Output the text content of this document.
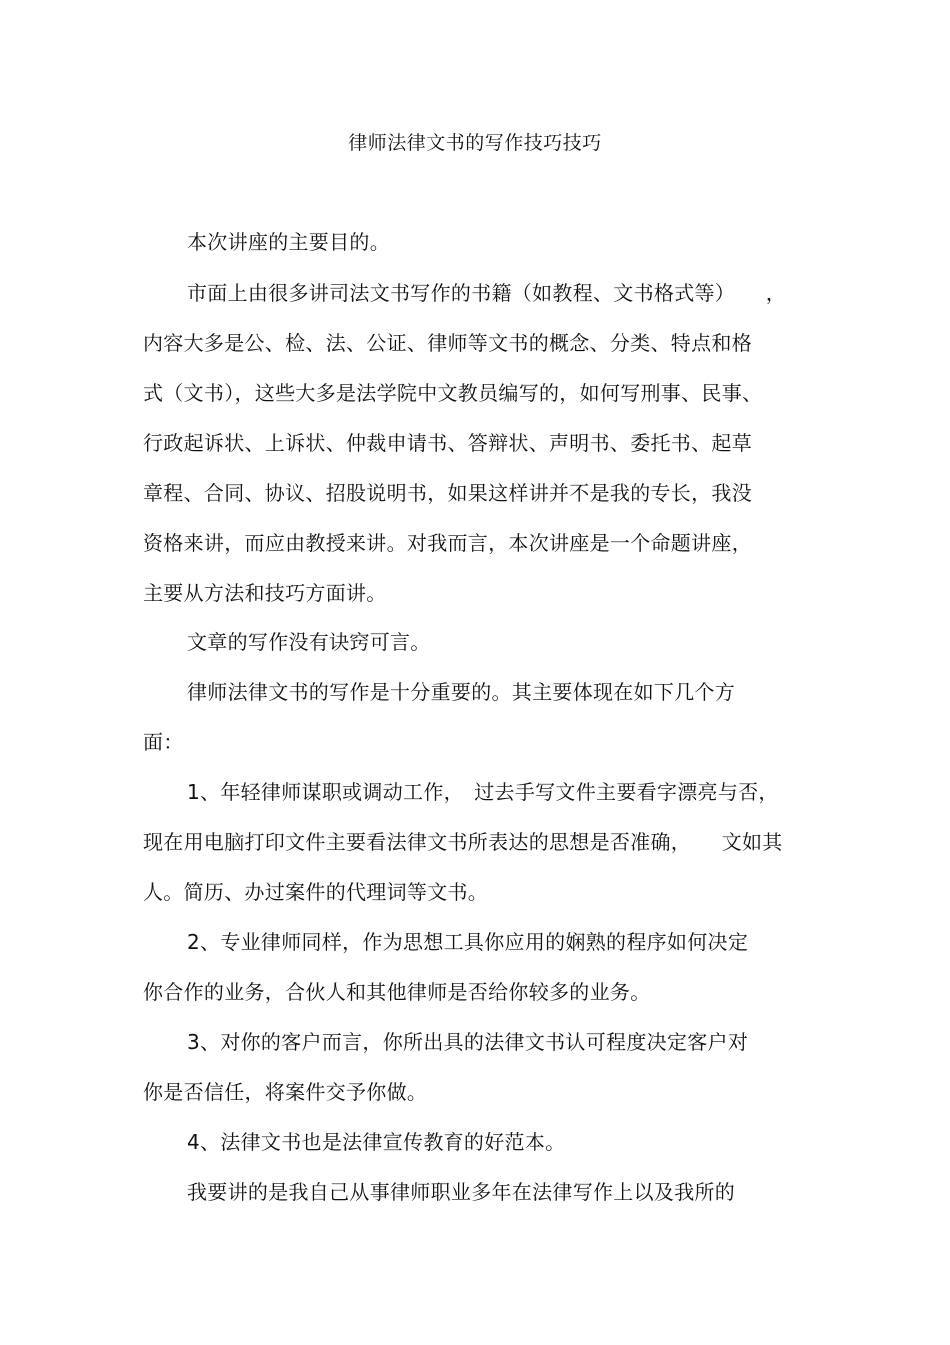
律师法律文书的写作技巧技巧
本次讲座的主要目的。
市面上由很多讲司法文书写作的书籍（如教程、文书格式等）　　，
内容大多是公、检、法、公证、律师等文书的概念、分类、特点和格
式（文书），这些大多是法学院中文教员编写的，如何写刑事、民事、
行政起诉状、上诉状、仲裁申请书、答辩状、声明书、委托书、起草
章程、合同、协议、招股说明书，如果这样讲并不是我的专长，我没
资格来讲，而应由教授来讲。对我而言，本次讲座是一个命题讲座，
主要从方法和技巧方面讲。
文章的写作没有诀窍可言。
律师法律文书的写作是十分重要的。其主要体现在如下几个方
面：
1、年轻律师谋职或调动工作，　过去手写文件主要看字漂亮与否，
现在用电脑打印文件主要看法律文书所表达的思想是否准确，　　文如其
人。简历、办过案件的代理词等文书。
2、专业律师同样，作为思想工具你应用的娴熟的程序如何决定
你合作的业务，合伙人和其他律师是否给你较多的业务。
3、对你的客户而言，你所出具的法律文书认可程度决定客户对
你是否信任，将案件交予你做。
4、法律文书也是法律宣传教育的好范本。
我要讲的是我自己从事律师职业多年在法律写作上以及我所的
